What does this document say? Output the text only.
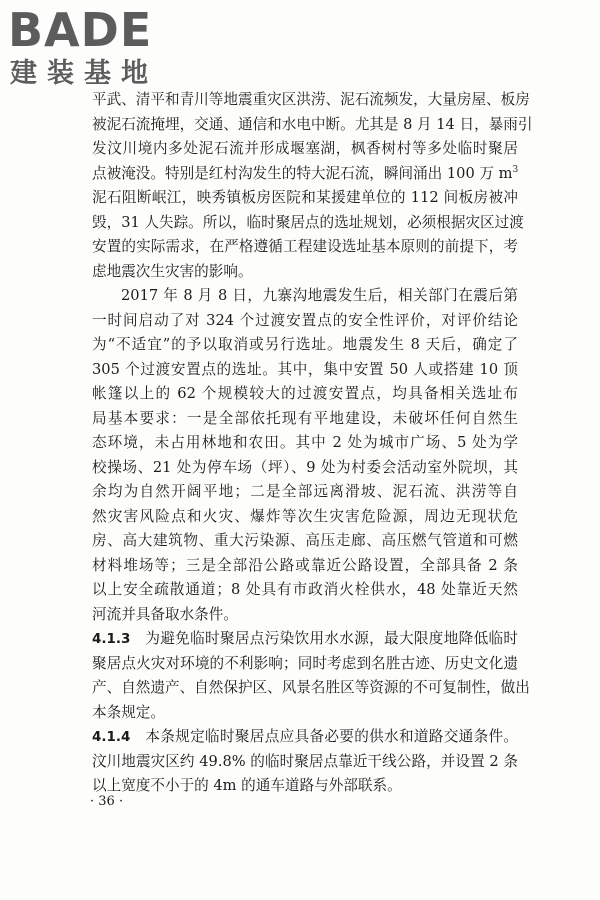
BADE
建装基地
平武、清平和青川等地震重灾区洪涝、泥石流频发，大量房屋、板房
被泥石流掩埋，交通、通信和水电中断。尤其是 8 月 14 日，暴雨引
发汶川境内多处泥石流并形成堰塞湖，枫香树村等多处临时聚居
点被淹没。特别是红村沟发生的特大泥石流，瞬间涌出 100 万 $m^3$
泥石阻断岷江，映秀镇板房医院和某援建单位的 112 间板房被冲
毁，31 人失踪。所以，临时聚居点的选址规划，必须根据灾区过渡
安置的实际需求，在严格遵循工程建设选址基本原则的前提下，考
虑地震次生灾害的影响。
2017 年 8 月 8 日，九寨沟地震发生后，相关部门在震后第
一时间启动了对 324 个过渡安置点的安全性评价，对评价结论
为“不适宜”的予以取消或另行选址。地震发生 8 天后，确定了
305 个过渡安置点的选址。其中，集中安置 50 人或搭建 10 顶
帐篷以上的 62 个规模较大的过渡安置点，均具备相关选址布
局基本要求：一是全部依托现有平地建设，未破坏任何自然生
态环境，未占用林地和农田。其中 2 处为城市广场、5 处为学
校操场、21 处为停车场（坪）、9 处为村委会活动室外院坝，其
余均为自然开阔平地；二是全部远离滑坡、泥石流、洪涝等自
然灾害风险点和火灾、爆炸等次生灾害危险源，周边无现状危
房、高大建筑物、重大污染源、高压走廊、高压燃气管道和可燃
材料堆场等；三是全部沿公路或靠近公路设置，全部具备 2 条
以上安全疏散通道；8 处具有市政消火栓供水，48 处靠近天然
河流并具备取水条件。
4.1.3 为避免临时聚居点污染饮用水水源，最大限度地降低临时
聚居点火灾对环境的不利影响；同时考虑到名胜古迹、历史文化遗
产、自然遗产、自然保护区、风景名胜区等资源的不可复制性，做出
本条规定。
4.1.4 本条规定临时聚居点应具备必要的供水和道路交通条件。
汶川地震灾区约 49.8% 的临时聚居点靠近干线公路，并设置 2 条
以上宽度不小于的 4m 的通车道路与外部联系。
· 36 ·
